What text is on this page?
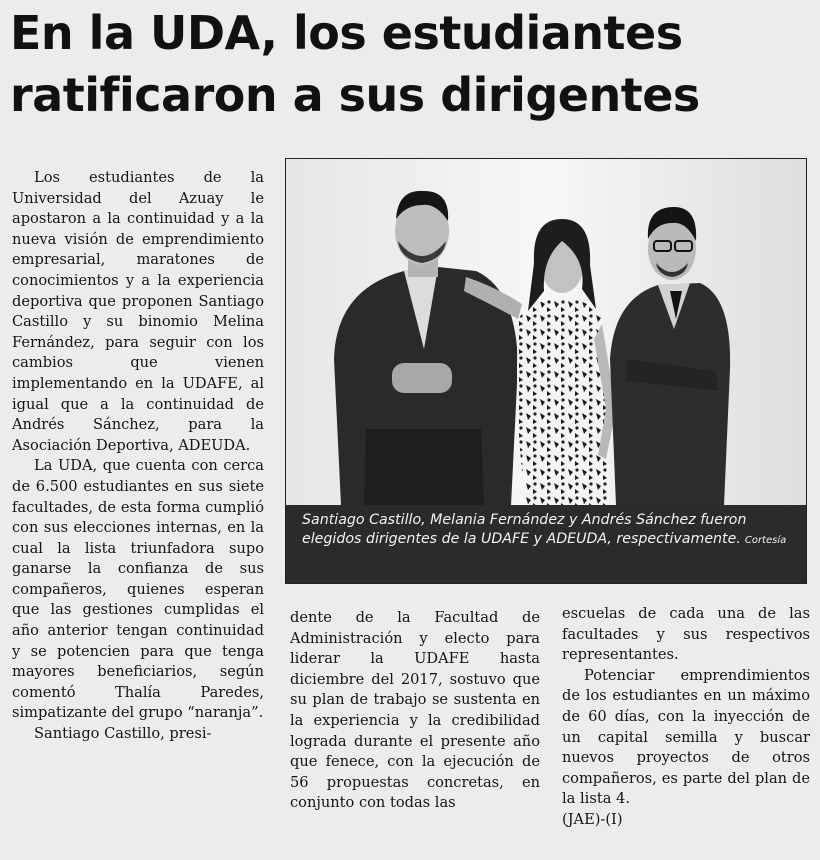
En la UDA, los estudiantes
ratificaron a sus dirigentes

Los estudiantes de la Universidad del Azuay le apostaron a la continuidad y a la nueva visión de emprendimiento empresarial, maratones de conocimientos y a la experiencia deportiva que proponen Santiago Castillo y su binomio Melina Fernández, para seguir con los cambios que vienen implementando en la UDAFE, al igual que a la continuidad de Andrés Sánchez, para la Asociación Deportiva, ADEUDA.

La UDA, que cuenta con cerca de 6.500 estudiantes en sus siete facultades, de esta forma cumplió con sus elecciones internas, en la cual la lista triunfadora supo ganarse la confianza de sus compañeros, quienes esperan que las gestiones cumplidas el año anterior tengan continuidad y se potencien para que tenga mayores beneficiarios, según comentó Thalía Paredes, simpatizante del grupo “naranja”.

Santiago Castillo, presi-

Santiago Castillo, Melania Fernández y Andrés Sánchez fueron elegidos dirigentes de la UDAFE y ADEUDA, respectivamente. Cortesía

dente de la Facultad de Administración y electo para liderar la UDAFE hasta diciembre del 2017, sostuvo que su plan de trabajo se sustenta en la experiencia y la credibilidad lograda durante el presente año que fenece, con la ejecución de 56 propuestas concretas, en conjunto con todas las

escuelas de cada una de las facultades y sus respectivos representantes.

Potenciar emprendimientos de los estudiantes en un máximo de 60 días, con la inyección de un capital semilla y buscar nuevos proyectos de otros compañeros, es parte del plan de la lista 4.

(JAE)-(I)
